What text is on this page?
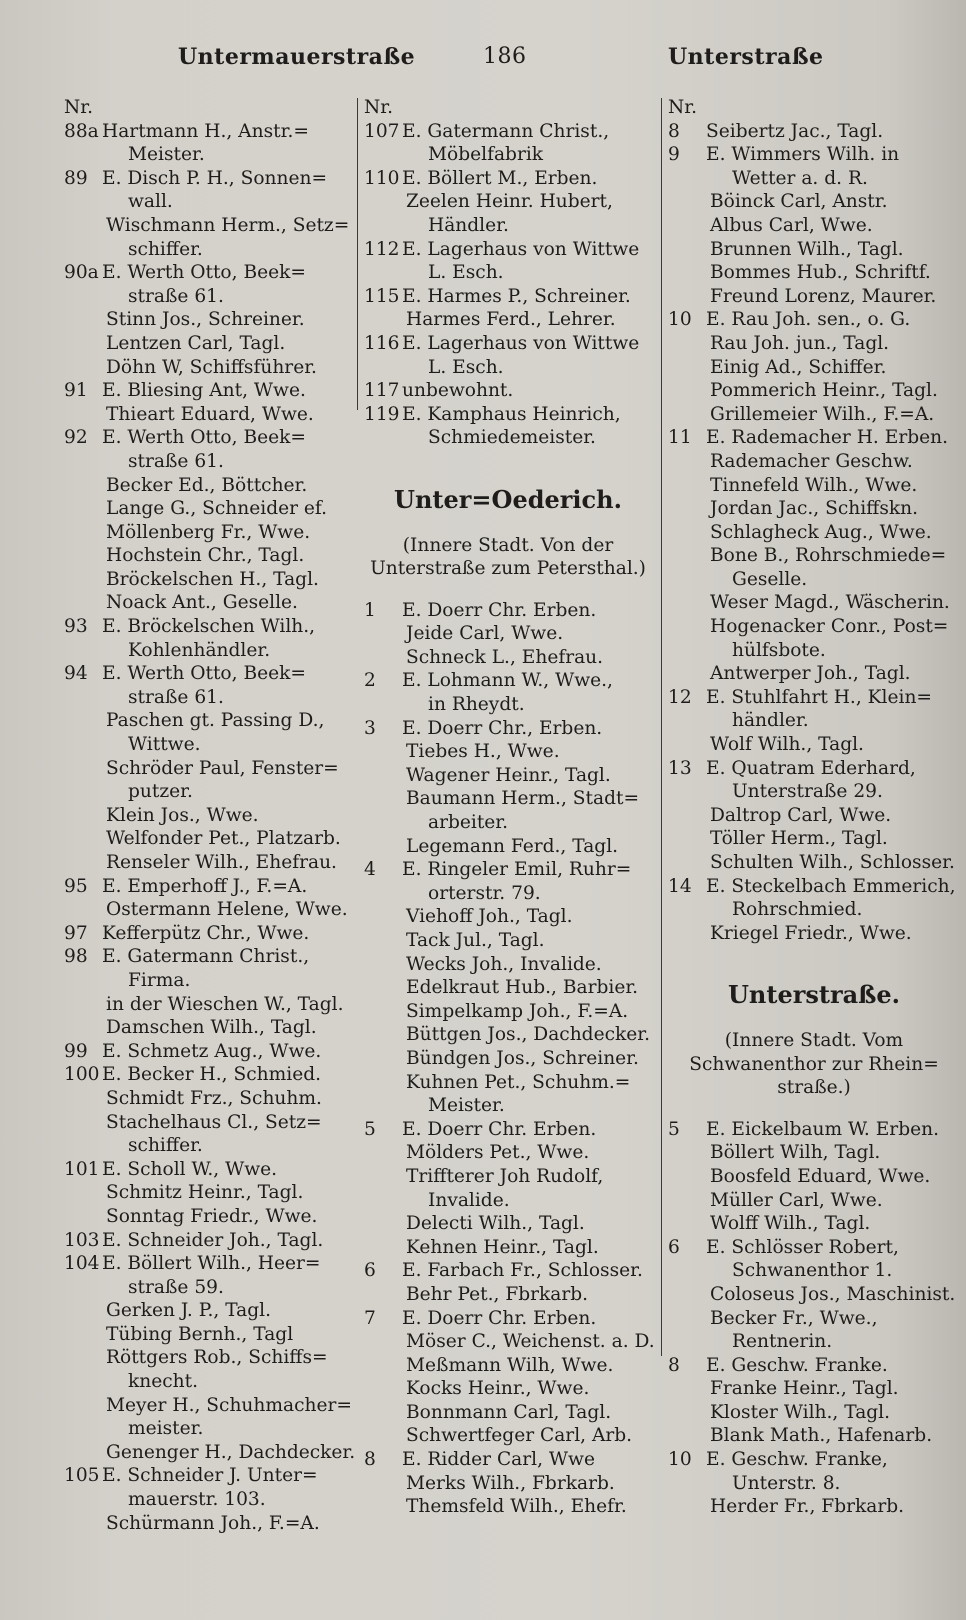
Untermauerstraße	186	Unterstraße
Nr.
88a Hartmann H., Anstr.=
Meister.
89 E. Disch P. H., Sonnen=
wall.
Wischmann Herm., Setz=
schiffer.
90a E. Werth Otto, Beek=
straße 61.
Stinn Jos., Schreiner.
Lentzen Carl, Tagl.
Döhn W, Schiffsführer.
91 E. Bliesing Ant, Wwe.
Thieart Eduard, Wwe.
92 E. Werth Otto, Beek=
straße 61.
Becker Ed., Böttcher.
Lange G., Schneider ef.
Möllenberg Fr., Wwe.
Hochstein Chr., Tagl.
Bröckelschen H., Tagl.
Noack Ant., Geselle.
93 E. Bröckelschen Wilh.,
Kohlenhändler.
94 E. Werth Otto, Beek=
straße 61.
Paschen gt. Passing D.,
Wittwe.
Schröder Paul, Fenster=
putzer.
Klein Jos., Wwe.
Welfonder Pet., Platzarb.
Renseler Wilh., Ehefrau.
95 E. Emperhoff J., F.=A.
Ostermann Helene, Wwe.
97 Kefferpütz Chr., Wwe.
98 E. Gatermann Christ.,
Firma.
in der Wieschen W., Tagl.
Damschen Wilh., Tagl.
99 E. Schmetz Aug., Wwe.
100 E. Becker H., Schmied.
Schmidt Frz., Schuhm.
Stachelhaus Cl., Setz=
schiffer.
101 E. Scholl W., Wwe.
Schmitz Heinr., Tagl.
Sonntag Friedr., Wwe.
103 E. Schneider Joh., Tagl.
104 E. Böllert Wilh., Heer=
straße 59.
Gerken J. P., Tagl.
Tübing Bernh., Tagl
Röttgers Rob., Schiffs=
knecht.
Meyer H., Schuhmacher=
meister.
Genenger H., Dachdecker.
105 E. Schneider J. Unter=
mauerstr. 103.
Schürmann Joh., F.=A.
Nr.
107 E. Gatermann Christ.,
Möbelfabrik
110 E. Böllert M., Erben.
Zeelen Heinr. Hubert,
Händler.
112 E. Lagerhaus von Wittwe
L. Esch.
115 E. Harmes P., Schreiner.
Harmes Ferd., Lehrer.
116 E. Lagerhaus von Wittwe
L. Esch.
117 unbewohnt.
119 E. Kamphaus Heinrich,
Schmiedemeister.
Unter=Oederich.
(Innere Stadt. Von der
Unterstraße zum Petersthal.)
1 E. Doerr Chr. Erben.
Jeide Carl, Wwe.
Schneck L., Ehefrau.
2 E. Lohmann W., Wwe.,
in Rheydt.
3 E. Doerr Chr., Erben.
Tiebes H., Wwe.
Wagener Heinr., Tagl.
Baumann Herm., Stadt=
arbeiter.
Legemann Ferd., Tagl.
4 E. Ringeler Emil, Ruhr=
orterstr. 79.
Viehoff Joh., Tagl.
Tack Jul., Tagl.
Wecks Joh., Invalide.
Edelkraut Hub., Barbier.
Simpelkamp Joh., F.=A.
Büttgen Jos., Dachdecker.
Bündgen Jos., Schreiner.
Kuhnen Pet., Schuhm.=
Meister.
5 E. Doerr Chr. Erben.
Mölders Pet., Wwe.
Triffterer Joh Rudolf,
Invalide.
Delecti Wilh., Tagl.
Kehnen Heinr., Tagl.
6 E. Farbach Fr., Schlosser.
Behr Pet., Fbrkarb.
7 E. Doerr Chr. Erben.
Möser C., Weichenst. a. D.
Meßmann Wilh, Wwe.
Kocks Heinr., Wwe.
Bonnmann Carl, Tagl.
Schwertfeger Carl, Arb.
8 E. Ridder Carl, Wwe
Merks Wilh., Fbrkarb.
Themsfeld Wilh., Ehefr.
Nr.
8 Seibertz Jac., Tagl.
9 E. Wimmers Wilh. in
Wetter a. d. R.
Böinck Carl, Anstr.
Albus Carl, Wwe.
Brunnen Wilh., Tagl.
Bommes Hub., Schriftf.
Freund Lorenz, Maurer.
10 E. Rau Joh. sen., o. G.
Rau Joh. jun., Tagl.
Einig Ad., Schiffer.
Pommerich Heinr., Tagl.
Grillemeier Wilh., F.=A.
11 E. Rademacher H. Erben.
Rademacher Geschw.
Tinnefeld Wilh., Wwe.
Jordan Jac., Schiffskn.
Schlagheck Aug., Wwe.
Bone B., Rohrschmiede=
Geselle.
Weser Magd., Wäscherin.
Hogenacker Conr., Post=
hülfsbote.
Antwerper Joh., Tagl.
12 E. Stuhlfahrt H., Klein=
händler.
Wolf Wilh., Tagl.
13 E. Quatram Ederhard,
Unterstraße 29.
Daltrop Carl, Wwe.
Töller Herm., Tagl.
Schulten Wilh., Schlosser.
14 E. Steckelbach Emmerich,
Rohrschmied.
Kriegel Friedr., Wwe.
Unterstraße.
(Innere Stadt. Vom
Schwanenthor zur Rhein=
straße.)
5 E. Eickelbaum W. Erben.
Böllert Wilh, Tagl.
Boosfeld Eduard, Wwe.
Müller Carl, Wwe.
Wolff Wilh., Tagl.
6 E. Schlösser Robert,
Schwanenthor 1.
Coloseus Jos., Maschinist.
Becker Fr., Wwe.,
Rentnerin.
8 E. Geschw. Franke.
Franke Heinr., Tagl.
Kloster Wilh., Tagl.
Blank Math., Hafenarb.
10 E. Geschw. Franke,
Unterstr. 8.
Herder Fr., Fbrkarb.
